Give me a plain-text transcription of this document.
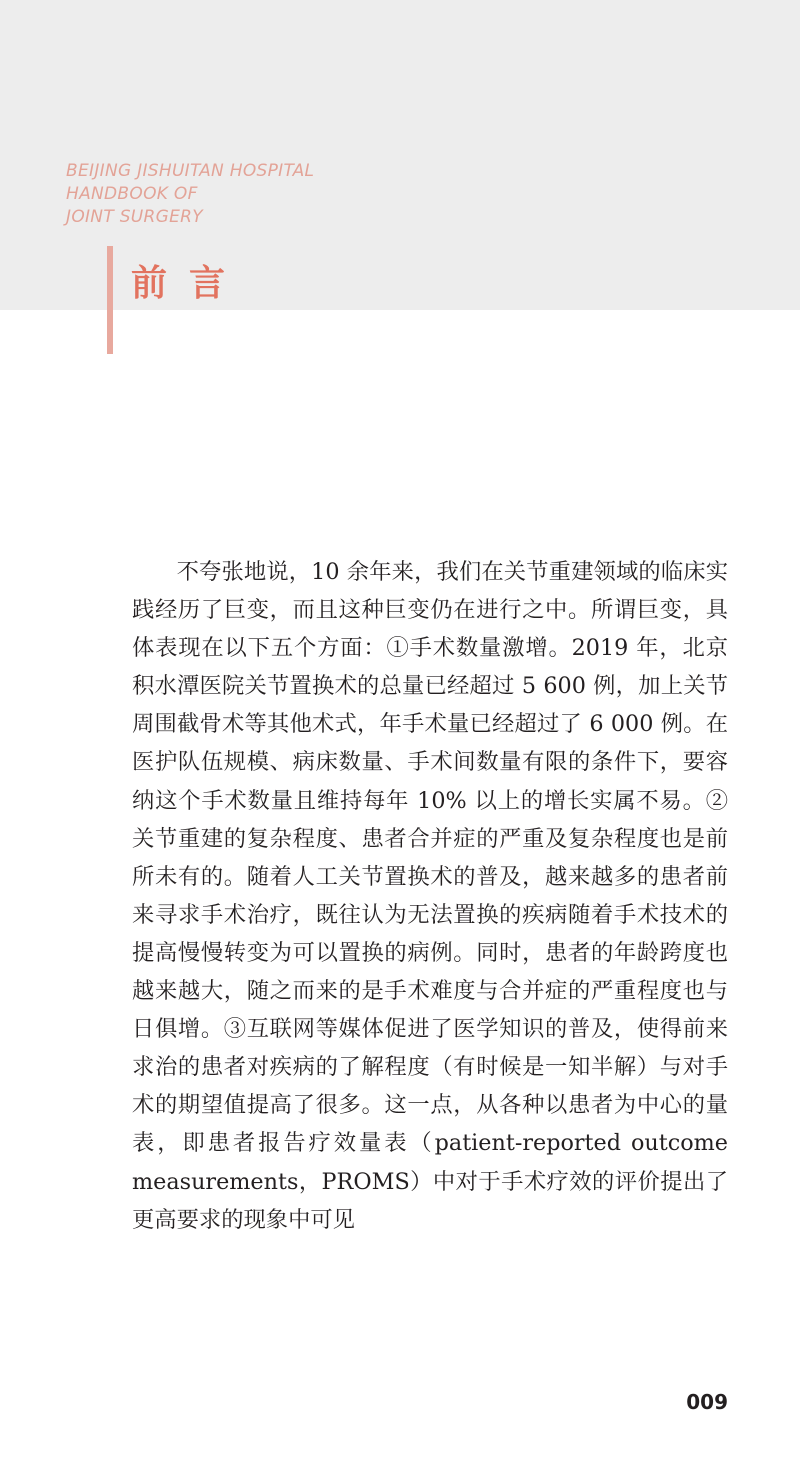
BEIJING JISHUITAN HOSPITAL
HANDBOOK OF
JOINT SURGERY
前言
不夸张地说，10 余年来，我们在关节重建领域的临床实践经历了巨变，而且这种巨变仍在进行之中。所谓巨变，具体表现在以下五个方面：①手术数量激增。2019 年，北京积水潭医院关节置换术的总量已经超过 5 600 例，加上关节周围截骨术等其他术式，年手术量已经超过了 6 000 例。在医护队伍规模、病床数量、手术间数量有限的条件下，要容纳这个手术数量且维持每年 10% 以上的增长实属不易。②关节重建的复杂程度、患者合并症的严重及复杂程度也是前所未有的。随着人工关节置换术的普及，越来越多的患者前来寻求手术治疗，既往认为无法置换的疾病随着手术技术的提高慢慢转变为可以置换的病例。同时，患者的年龄跨度也越来越大，随之而来的是手术难度与合并症的严重程度也与日俱增。③互联网等媒体促进了医学知识的普及，使得前来求治的患者对疾病的了解程度（有时候是一知半解）与对手术的期望值提高了很多。这一点，从各种以患者为中心的量表，即患者报告疗效量表（patient-reported outcome measurements，PROMS）中对于手术疗效的评价提出了更高要求的现象中可见
009
